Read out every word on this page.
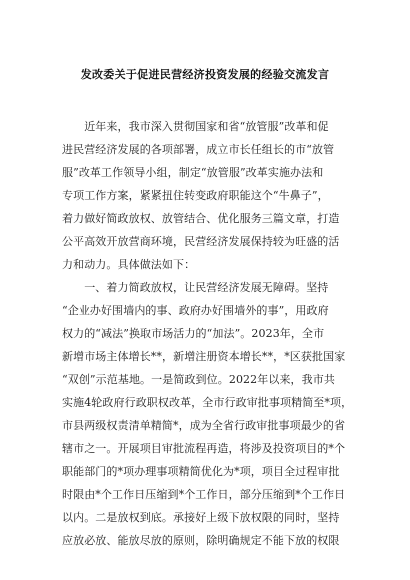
发改委关于促进民营经济投资发展的经验交流发言
　　近年来，我市深入贯彻国家和省“放管服”改革和促
进民营经济发展的各项部署，成立市长任组长的市“放管
服”改革工作领导小组，制定“放管服”改革实施办法和
专项工作方案，紧紧扭住转变政府职能这个“牛鼻子”，
着力做好简政放权、放管结合、优化服务三篇文章，打造
公平高效开放营商环境，民营经济发展保持较为旺盛的活
力和动力。具体做法如下：
　　一、着力简政放权，让民营经济发展无障碍。坚持
“企业办好围墙内的事、政府办好围墙外的事”，用政府
权力的“减法”换取市场活力的“加法”。2023年，全市
新增市场主体增长**，新增注册资本增长**，*区获批国家
“双创”示范基地。一是简政到位。2022年以来，我市共
实施4轮政府行政职权改革，全市行政审批事项精简至*项，
市县两级权责清单精简*，成为全省行政审批事项最少的省
辖市之一。开展项目审批流程再造，将涉及投资项目的*个
职能部门的*项办理事项精简优化为*项，项目全过程审批
时限由*个工作日压缩到*个工作日，部分压缩到*个工作日
以内。二是放权到底。承接好上级下放权限的同时，坚持
应放必放、能放尽放的原则，除明确规定不能下放的权限
